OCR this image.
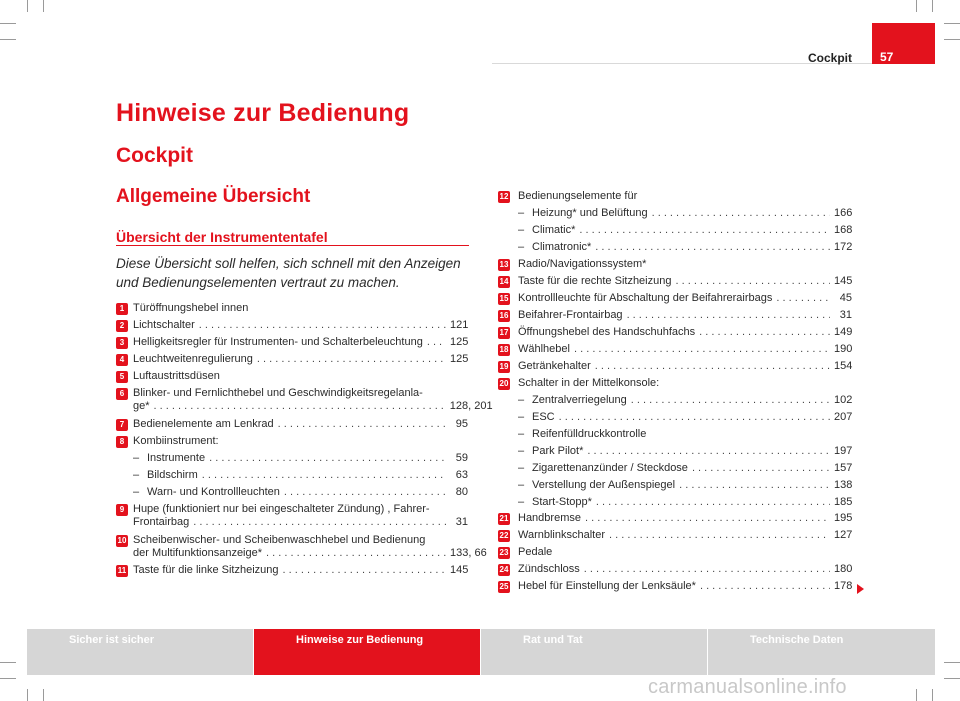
Cockpit	57
Hinweise zur Bedienung
Cockpit
Allgemeine Übersicht
Übersicht der Instrumententafel
Diese Übersicht soll helfen, sich schnell mit den Anzeigen und Bedienungselementen vertraut zu machen.
1 Türöffnungshebel innen
2 Lichtschalter . . .	121
3 Helligkeitsregler für Instrumenten- und Schalterbeleuchtung . . . 125
4 Leuchtweitenregulierung . . .	125
5 Luftaustrittsdüsen
6 Blinker- und Fernlichthebel und Geschwindigkeitsregelanla-
ge* . . .	128, 201
7 Bedienelemente am Lenkrad . . .	95
8 Kombiinstrument:
– Instrumente . . .	59
– Bildschirm . . .	63
– Warn- und Kontrollleuchten . . .	80
9 Hupe (funktioniert nur bei eingeschalteter Zündung) , Fahrer-
Frontairbag . . .	31
10 Scheibenwischer- und Scheibenwaschhebel und Bedienung
der Multifunktionsanzeige* . . .	133, 66
11 Taste für die linke Sitzheizung . . .	145
12 Bedienungselemente für
– Heizung* und Belüftung . . .	166
– Climatic* . . .	168
– Climatronic* . . .	172
13 Radio/Navigationssystem*
14 Taste für die rechte Sitzheizung . . .	145
15 Kontrollleuchte für Abschaltung der Beifahrerairbags . . .	45
16 Beifahrer-Frontairbag . . .	31
17 Öffnungshebel des Handschuhfachs . . .	149
18 Wählhebel . . .	190
19 Getränkehalter . . .	154
20 Schalter in der Mittelkonsole:
– Zentralverriegelung . . .	102
– ESC . . .	207
– Reifenfülldruckkontrolle
– Park Pilot* . . .	197
– Zigarettenanzünder / Steckdose . . .	157
– Verstellung der Außenspiegel . . .	138
– Start-Stopp* . . .	185
21 Handbremse . . .	195
22 Warnblinkschalter . . .	127
23 Pedale
24 Zündschloss . . .	180
25 Hebel für Einstellung der Lenksäule* . . .	178
Sicher ist sicher	Hinweise zur Bedienung	Rat und Tat	Technische Daten
carmanualsonline.info
